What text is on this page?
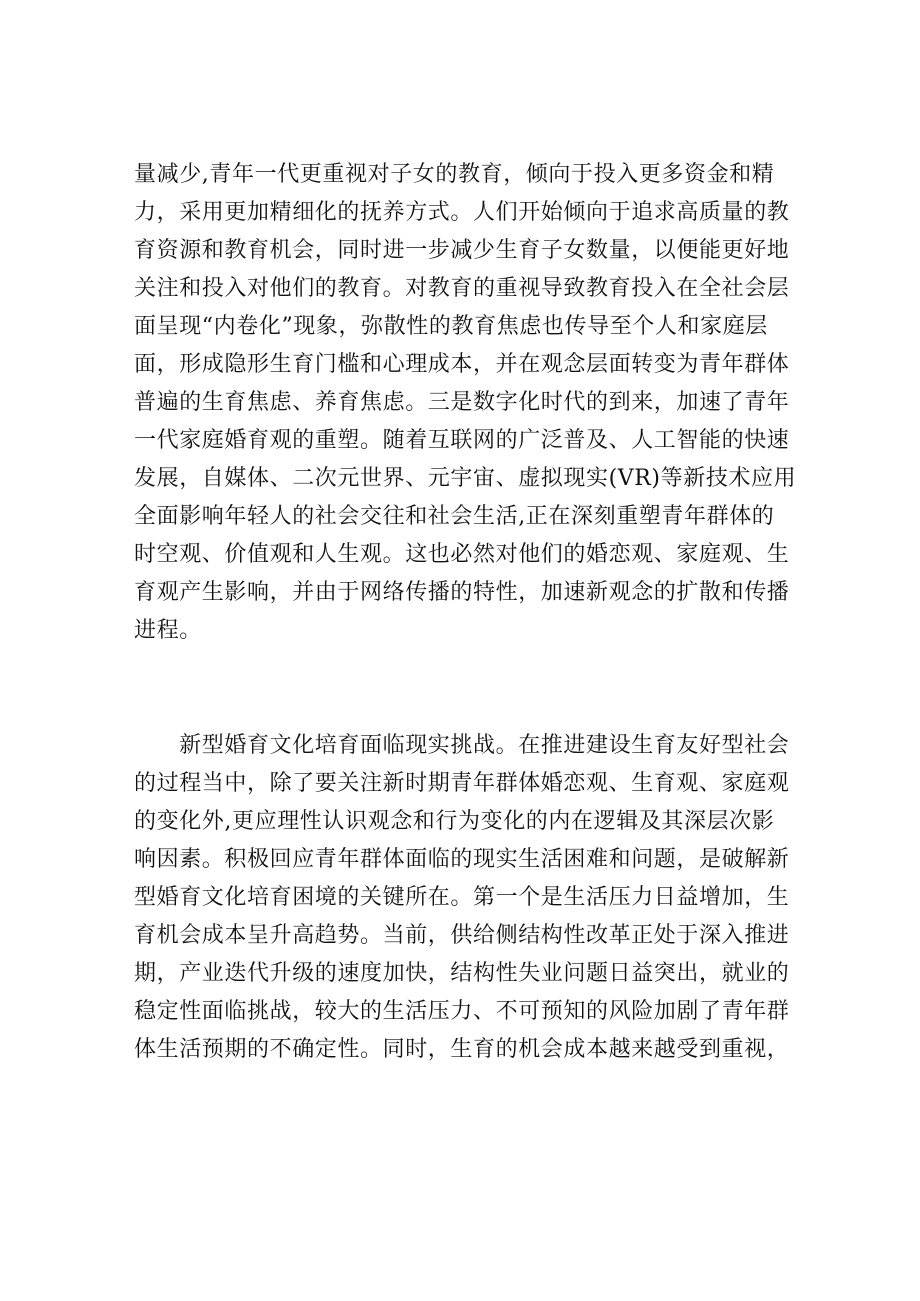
量减少,青年一代更重视对子女的教育，倾向于投入更多资金和精
力，采用更加精细化的抚养方式。人们开始倾向于追求高质量的教
育资源和教育机会，同时进一步减少生育子女数量，以便能更好地
关注和投入对他们的教育。对教育的重视导致教育投入在全社会层
面呈现“内卷化”现象，弥散性的教育焦虑也传导至个人和家庭层
面，形成隐形生育门槛和心理成本，并在观念层面转变为青年群体
普遍的生育焦虑、养育焦虑。三是数字化时代的到来，加速了青年
一代家庭婚育观的重塑。随着互联网的广泛普及、人工智能的快速
发展，自媒体、二次元世界、元宇宙、虚拟现实(VR)等新技术应用
全面影响年轻人的社会交往和社会生活,正在深刻重塑青年群体的
时空观、价值观和人生观。这也必然对他们的婚恋观、家庭观、生
育观产生影响，并由于网络传播的特性，加速新观念的扩散和传播
进程。
　　新型婚育文化培育面临现实挑战。在推进建设生育友好型社会
的过程当中，除了要关注新时期青年群体婚恋观、生育观、家庭观
的变化外,更应理性认识观念和行为变化的内在逻辑及其深层次影
响因素。积极回应青年群体面临的现实生活困难和问题，是破解新
型婚育文化培育困境的关键所在。第一个是生活压力日益增加，生
育机会成本呈升高趋势。当前，供给侧结构性改革正处于深入推进
期，产业迭代升级的速度加快，结构性失业问题日益突出，就业的
稳定性面临挑战，较大的生活压力、不可预知的风险加剧了青年群
体生活预期的不确定性。同时，生育的机会成本越来越受到重视，
